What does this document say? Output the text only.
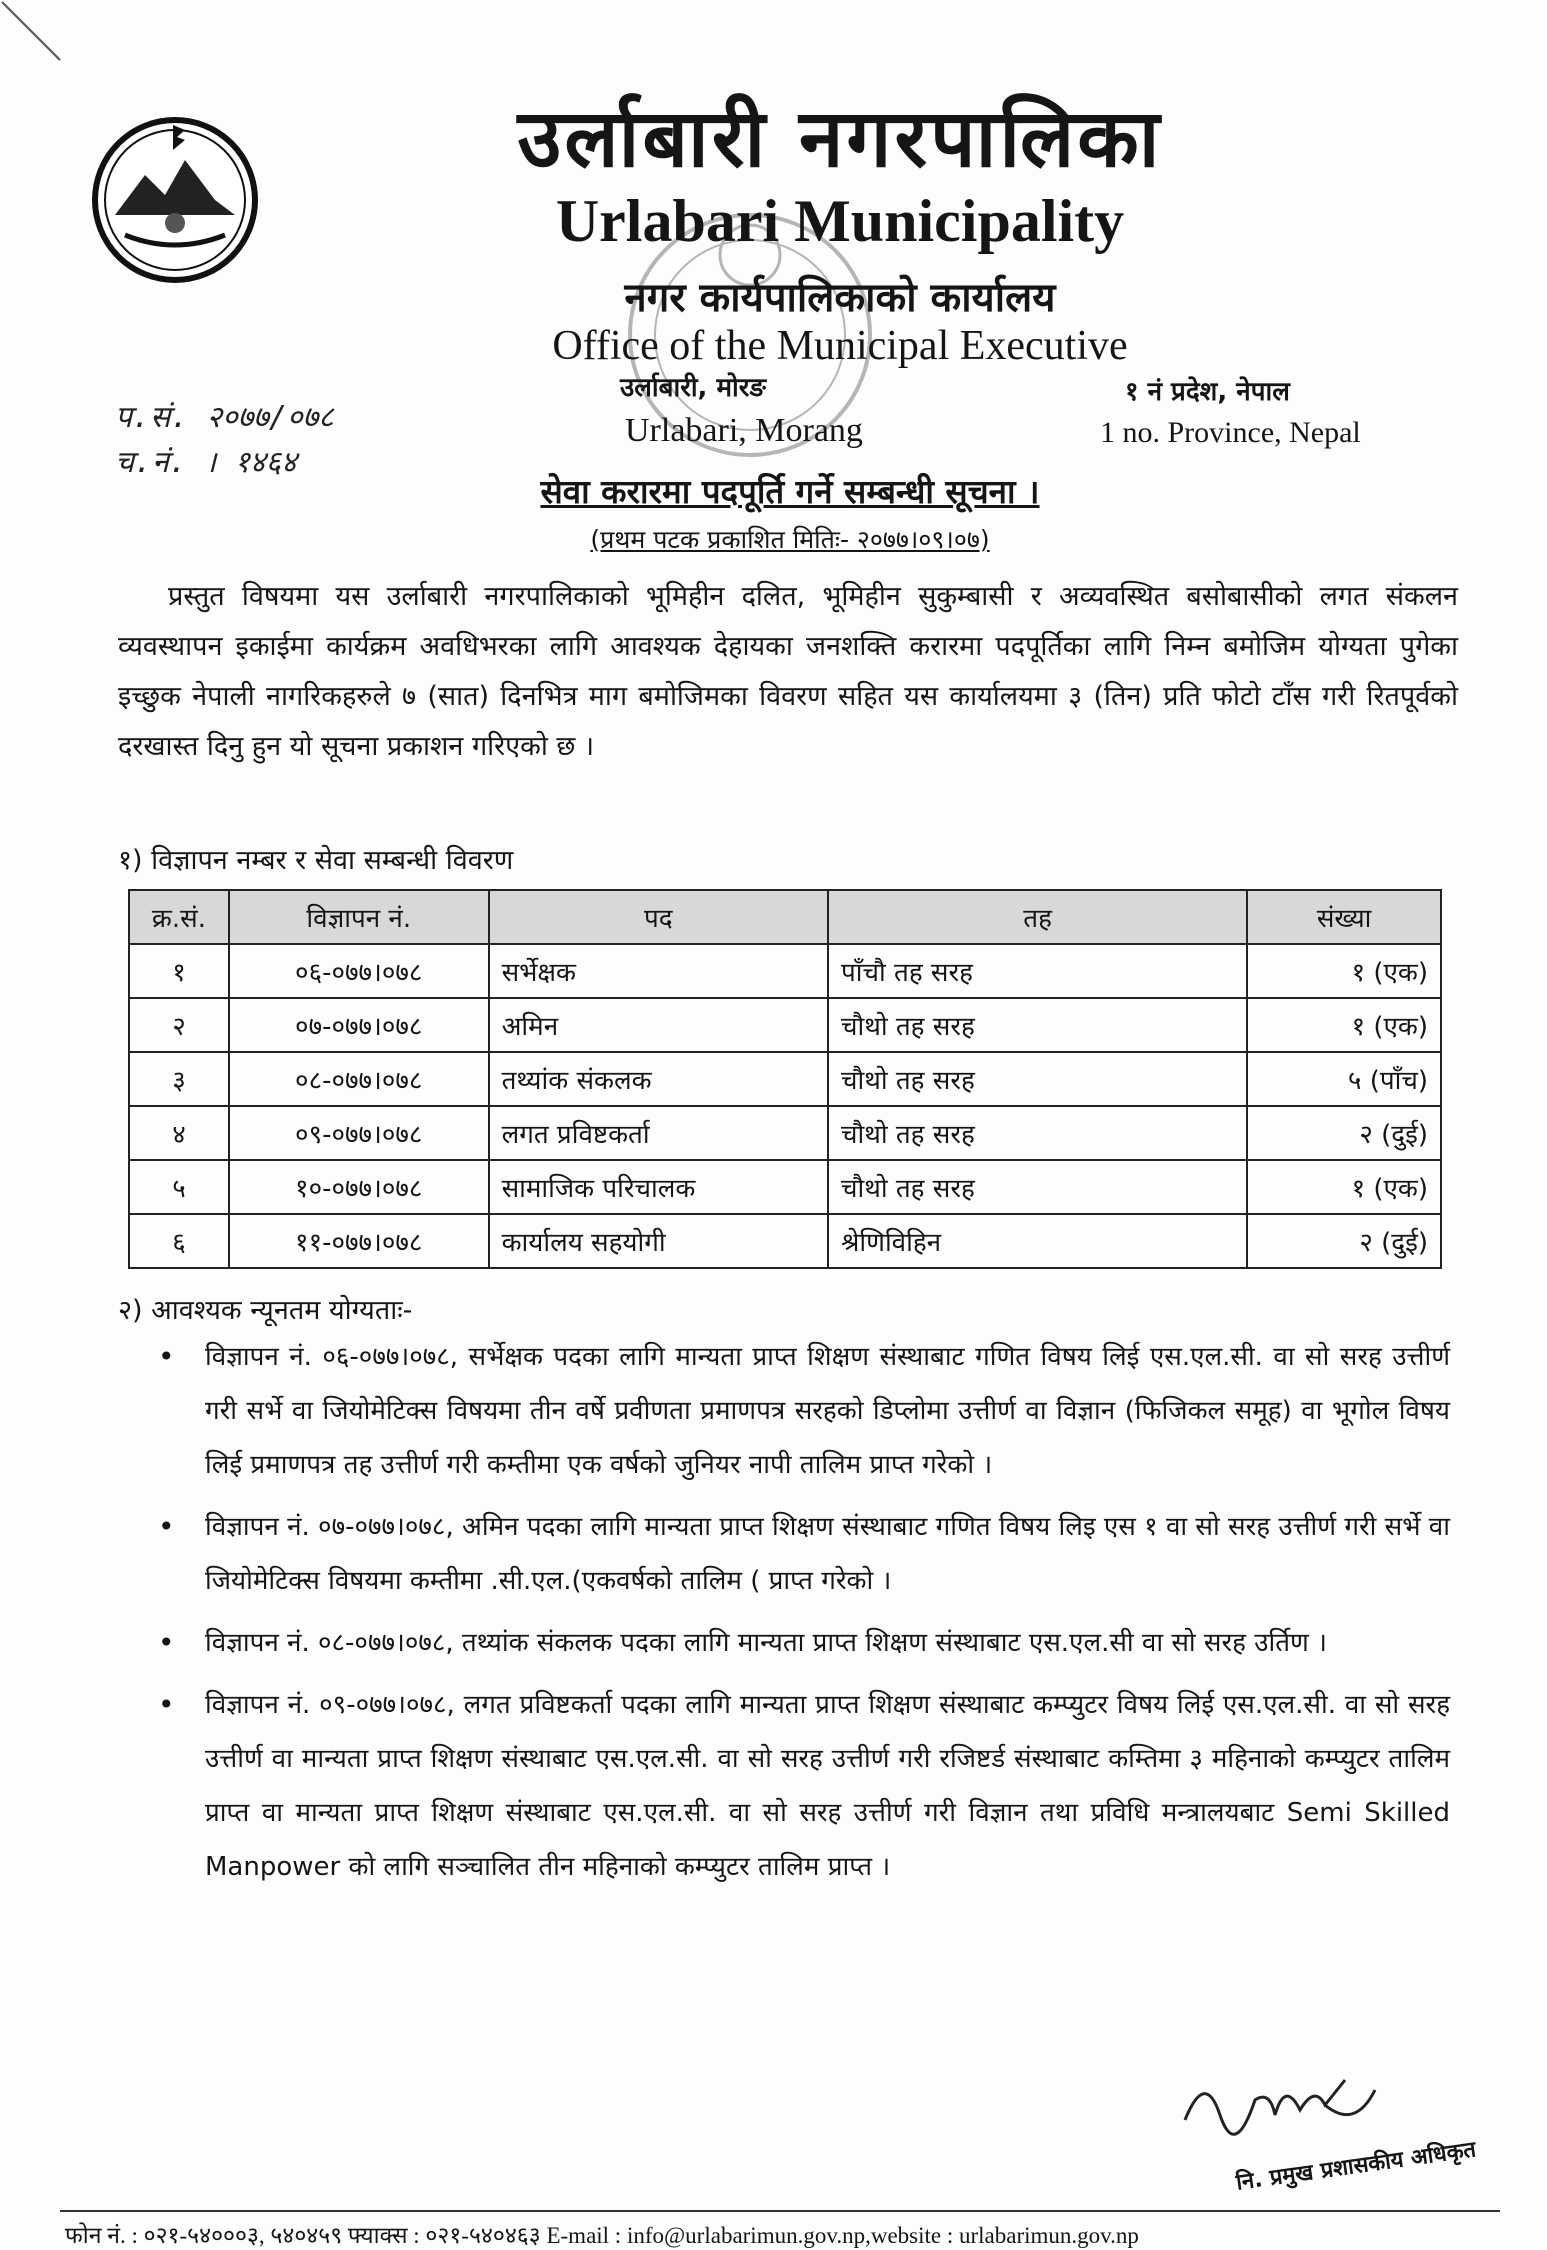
उर्लाबारी नगरपालिका
Urlabari Municipality
नगर कार्यपालिकाको कार्यालय
Office of the Municipal Executive
उर्लाबारी, मोरङ
Urlabari, Morang
१ नं प्रदेश, नेपाल
1 no. Province, Nepal
प.सं. २०७७/०७८
च.नं. । १४६४
सेवा करारमा पदपूर्ति गर्ने सम्बन्धी सूचना ।
(प्रथम पटक प्रकाशित मितिः- २०७७।०९।०७)
प्रस्तुत विषयमा यस उर्लाबारी नगरपालिकाको भूमिहीन दलित, भूमिहीन सुकुम्बासी र अव्यवस्थित बसोबासीको लगत संकलन व्यवस्थापन इकाईमा कार्यक्रम अवधिभरका लागि आवश्यक देहायका जनशक्ति करारमा पदपूर्तिका लागि निम्न बमोजिम योग्यता पुगेका इच्छुक नेपाली नागरिकहरुले ७ (सात) दिनभित्र माग बमोजिमका विवरण सहित यस कार्यालयमा ३ (तिन) प्रति फोटो टाँस गरी रितपूर्वको दरखास्त दिनु हुन यो सूचना प्रकाशन गरिएको छ ।
१) विज्ञापन नम्बर र सेवा सम्बन्धी विवरण
क्र.सं.	विज्ञापन नं.	पद	तह	संख्या
१	०६-०७७।०७८	सर्भेक्षक	पाँचौ तह सरह	१ (एक)
२	०७-०७७।०७८	अमिन	चौथो तह सरह	१ (एक)
३	०८-०७७।०७८	तथ्यांक संकलक	चौथो तह सरह	५ (पाँच)
४	०९-०७७।०७८	लगत प्रविष्टकर्ता	चौथो तह सरह	२ (दुई)
५	१०-०७७।०७८	सामाजिक परिचालक	चौथो तह सरह	१ (एक)
६	११-०७७।०७८	कार्यालय सहयोगी	श्रेणिविहिन	२ (दुई)
२) आवश्यक न्यूनतम योग्यताः-
• विज्ञापन नं. ०६-०७७।०७८, सर्भेक्षक पदका लागि मान्यता प्राप्त शिक्षण संस्थाबाट गणित विषय लिई एस.एल.सी. वा सो सरह उत्तीर्ण गरी सर्भे वा जियोमेटिक्स विषयमा तीन वर्षे प्रवीणता प्रमाणपत्र सरहको डिप्लोमा उत्तीर्ण वा विज्ञान (फिजिकल समूह) वा भूगोल विषय लिई प्रमाणपत्र तह उत्तीर्ण गरी कम्तीमा एक वर्षको जुनियर नापी तालिम प्राप्त गरेको ।
• विज्ञापन नं. ०७-०७७।०७८, अमिन पदका लागि मान्यता प्राप्त शिक्षण संस्थाबाट गणित विषय लिइ एस १ वा सो सरह उत्तीर्ण गरी सर्भे वा जियोमेटिक्स विषयमा कम्तीमा .सी.एल.(एकवर्षको तालिम ( प्राप्त गरेको ।
• विज्ञापन नं. ०८-०७७।०७८, तथ्यांक संकलक पदका लागि मान्यता प्राप्त शिक्षण संस्थाबाट एस.एल.सी वा सो सरह उर्तिण ।
• विज्ञापन नं. ०९-०७७।०७८, लगत प्रविष्टकर्ता पदका लागि मान्यता प्राप्त शिक्षण संस्थाबाट कम्प्युटर विषय लिई एस.एल.सी. वा सो सरह उत्तीर्ण वा मान्यता प्राप्त शिक्षण संस्थाबाट एस.एल.सी. वा सो सरह उत्तीर्ण गरी रजिष्टर्ड संस्थाबाट कम्तिमा ३ महिनाको कम्प्युटर तालिम प्राप्त वा मान्यता प्राप्त शिक्षण संस्थाबाट एस.एल.सी. वा सो सरह उत्तीर्ण गरी विज्ञान तथा प्रविधि मन्त्रालयबाट Semi Skilled Manpower को लागि सञ्चालित तीन महिनाको कम्प्युटर तालिम प्राप्त ।
नि. प्रमुख प्रशासकीय अधिकृत
फोन नं. : ०२१-५४०००३, ५४०४५९ फ्याक्स : ०२१-५४०४६३ E-mail : info@urlabarimun.gov.np,website : urlabarimun.gov.np
